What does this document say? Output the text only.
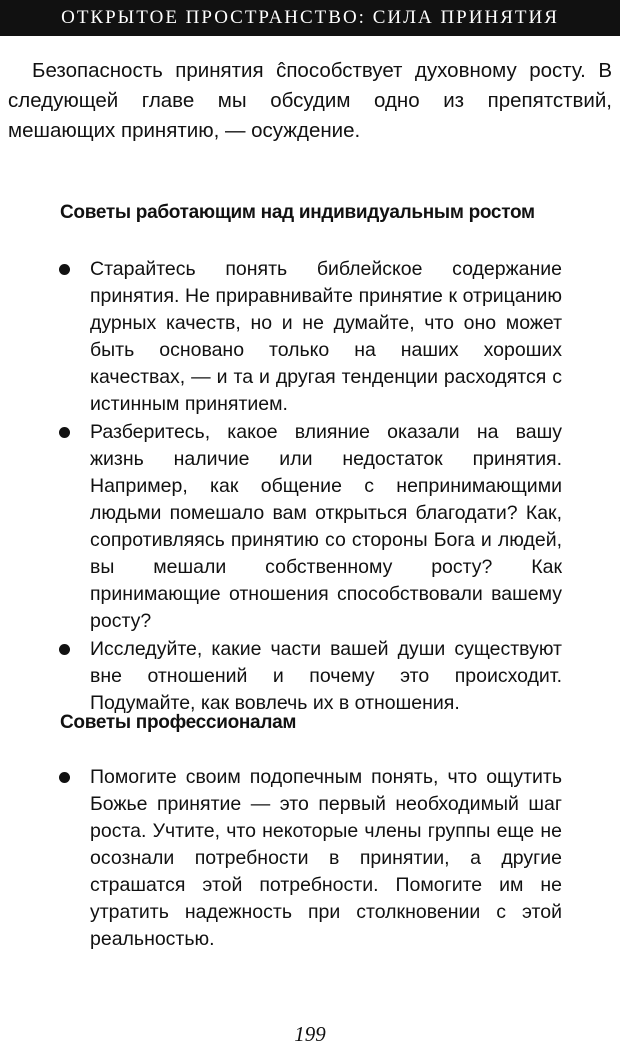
ОТКРЫТОЕ ПРОСТРАНСТВО: СИЛА ПРИНЯТИЯ

Безопасность принятия ĉпособствует духовному росту. В следующей главе мы обсудим одно из препятствий, мешающих принятию, — осуждение.

Советы работающим над индивидуальным ростом
Старайтесь понять библейское содержание принятия. Не приравнивайте принятие к отрицанию дурных качеств, но и не думайте, что оно может быть основано только на наших хороших качествах, — и та и другая тенденции расходятся с истинным принятием.
Разберитесь, какое влияние оказали на вашу жизнь наличие или недостаток принятия. Например, как общение с непринимающими людьми помешало вам открыться благодати? Как, сопротивляясь принятию со стороны Бога и людей, вы мешали собственному росту? Как принимающие отношения способствовали вашему росту?
Исследуйте, какие части вашей души существуют вне отношений и почему это происходит. Подумайте, как вовлечь их в отношения.
Советы профессионалам
Помогите своим подопечным понять, что ощутить Божье принятие — это первый необходимый шаг роста. Учтите, что некоторые члены группы еще не осознали потребности в принятии, а другие страшатся этой потребности. Помогите им не утратить надежность при столкновении с этой реальностью.
199
